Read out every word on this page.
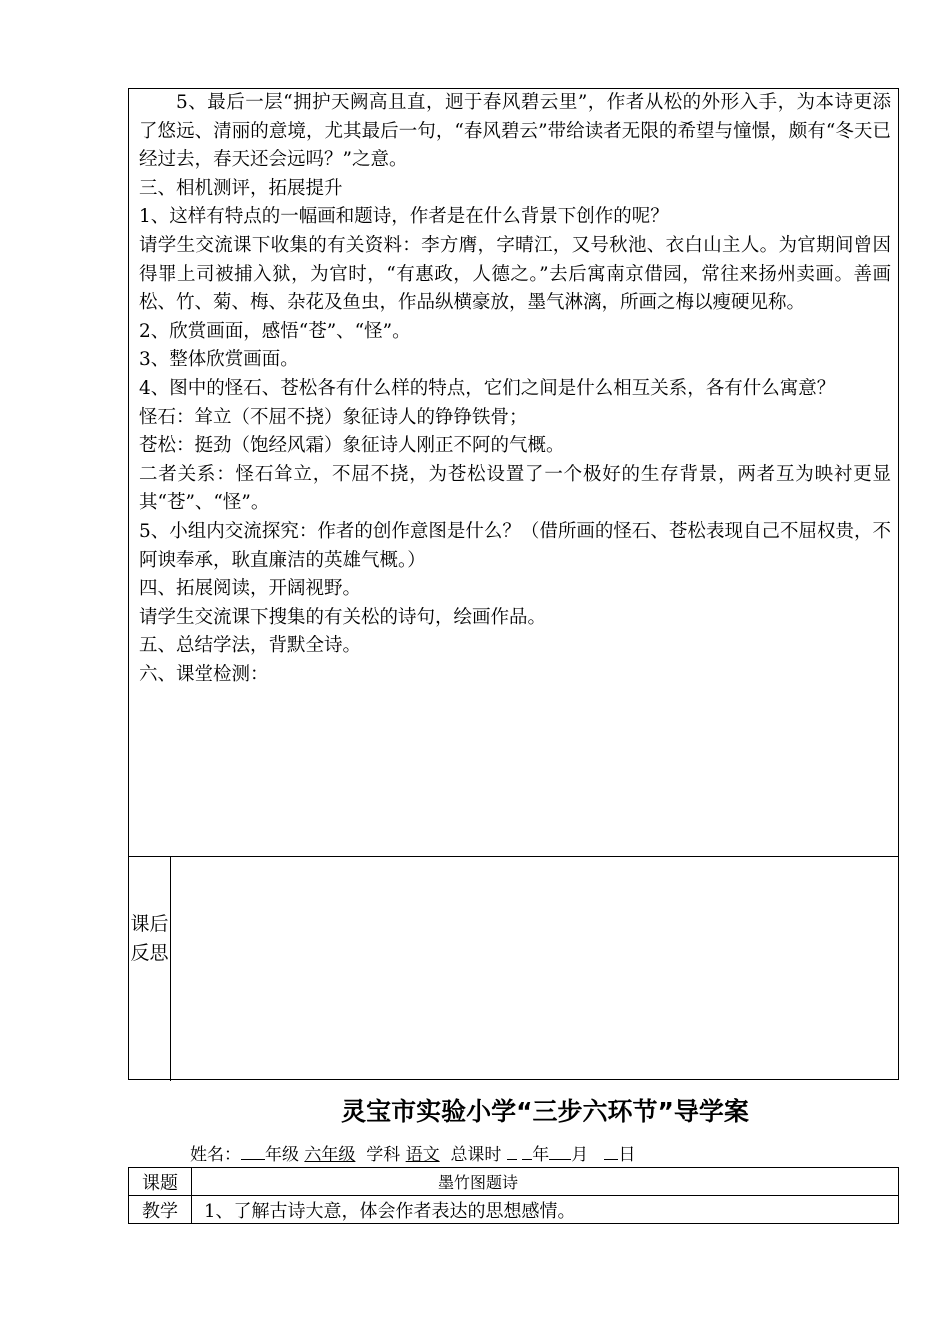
5、最后一层“拥护天阙高且直，迥于春风碧云里”，作者从松的外形入手，为本诗更添了悠远、清丽的意境，尤其最后一句，“春风碧云”带给读者无限的希望与憧憬，颇有“冬天已经过去，春天还会远吗？”之意。

三、相机测评，拓展提升

1、这样有特点的一幅画和题诗，作者是在什么背景下创作的呢？

请学生交流课下收集的有关资料：李方膺，字晴江，又号秋池、衣白山主人。为官期间曾因得罪上司被捕入狱，为官时，“有惠政，人德之。”去后寓南京借园，常往来扬州卖画。善画松、竹、菊、梅、杂花及鱼虫，作品纵横豪放，墨气淋漓，所画之梅以瘦硬见称。

2、欣赏画面，感悟“苍”、“怪”。

3、整体欣赏画面。

4、图中的怪石、苍松各有什么样的特点，它们之间是什么相互关系，各有什么寓意？

怪石：耸立（不屈不挠）象征诗人的铮铮铁骨；

苍松：挺劲（饱经风霜）象征诗人刚正不阿的气概。

二者关系：怪石耸立，不屈不挠，为苍松设置了一个极好的生存背景，两者互为映衬更显其“苍”、“怪”。

5、小组内交流探究：作者的创作意图是什么？（借所画的怪石、苍松表现自己不屈权贵，不阿谀奉承，耿直廉洁的英雄气概。）

四、拓展阅读，开阔视野。

请学生交流课下搜集的有关松的诗句，绘画作品。

五、总结学法，背默全诗。

六、课堂检测：

课后反思
灵宝市实验小学“三步六环节”导学案
姓名： 年级 六年级 学科 语文 总课时 年 月 日
课题	墨竹图题诗
教学	1、了解古诗大意，体会作者表达的思想感情。
